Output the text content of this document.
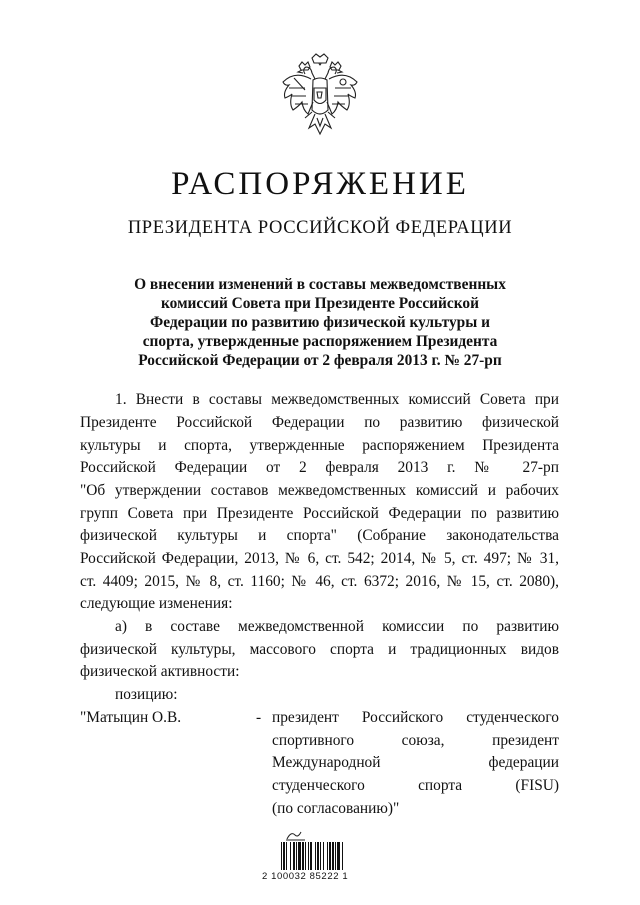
РАСПОРЯЖЕНИЕ
ПРЕЗИДЕНТА РОССИЙСКОЙ ФЕДЕРАЦИИ
О внесении изменений в составы межведомственных
комиссий Совета при Президенте Российской
Федерации по развитию физической культуры и
спорта, утвержденные распоряжением Президента
Российской Федерации от 2 февраля 2013 г. № 27-рп
1. Внести в составы межведомственных комиссий Совета при
Президенте Российской Федерации по развитию физической
культуры и спорта, утвержденные распоряжением Президента
Российской Федерации от 2 февраля 2013 г. № 27-рп
"Об утверждении составов межведомственных комиссий и рабочих
групп Совета при Президенте Российской Федерации по развитию
физической культуры и спорта" (Собрание законодательства
Российской Федерации, 2013, № 6, ст. 542; 2014, № 5, ст. 497; № 31,
ст. 4409; 2015, № 8, ст. 1160; № 46, ст. 6372; 2016, № 15, ст. 2080),
следующие изменения:
а) в составе межведомственной комиссии по развитию
физической культуры, массового спорта и традиционных видов
физической активности:
позицию:
"Матыцин О.В.	- президент Российского студенческого
спортивного союза, президент
Международной федерации
студенческого спорта (FISU)
(по согласованию)"
2 100032 85222 1
